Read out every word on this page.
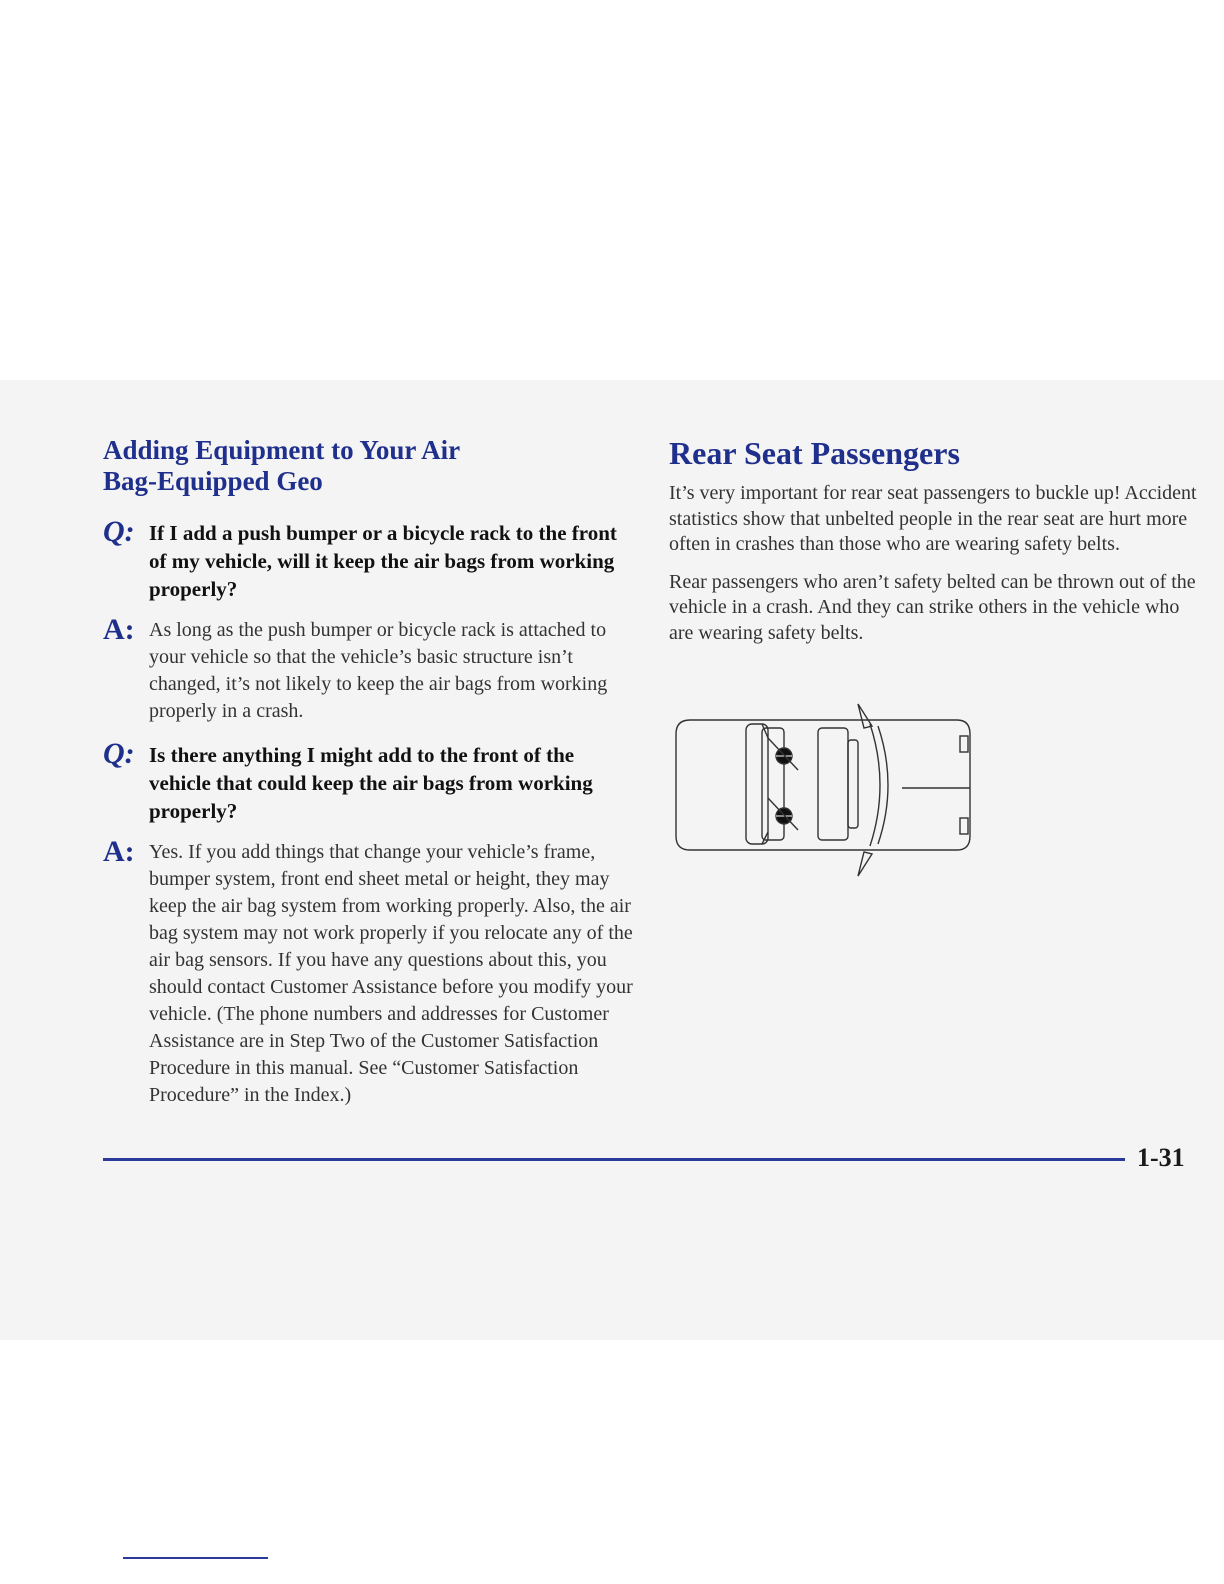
Adding Equipment to Your Air
Bag-Equipped Geo
Q: If I add a push bumper or a bicycle rack to the front of my vehicle, will it keep the air bags from working properly?
A: As long as the push bumper or bicycle rack is attached to your vehicle so that the vehicle’s basic structure isn’t changed, it’s not likely to keep the air bags from working properly in a crash.
Q: Is there anything I might add to the front of the vehicle that could keep the air bags from working properly?
A: Yes. If you add things that change your vehicle’s frame, bumper system, front end sheet metal or height, they may keep the air bag system from working properly. Also, the air bag system may not work properly if you relocate any of the air bag sensors. If you have any questions about this, you should contact Customer Assistance before you modify your vehicle. (The phone numbers and addresses for Customer Assistance are in Step Two of the Customer Satisfaction Procedure in this manual. See “Customer Satisfaction Procedure” in the Index.)
Rear Seat Passengers

It’s very important for rear seat passengers to buckle up! Accident statistics show that unbelted people in the rear seat are hurt more often in crashes than those who are wearing safety belts.

Rear passengers who aren’t safety belted can be thrown out of the vehicle in a crash. And they can strike others in the vehicle who are wearing safety belts.

1-31
